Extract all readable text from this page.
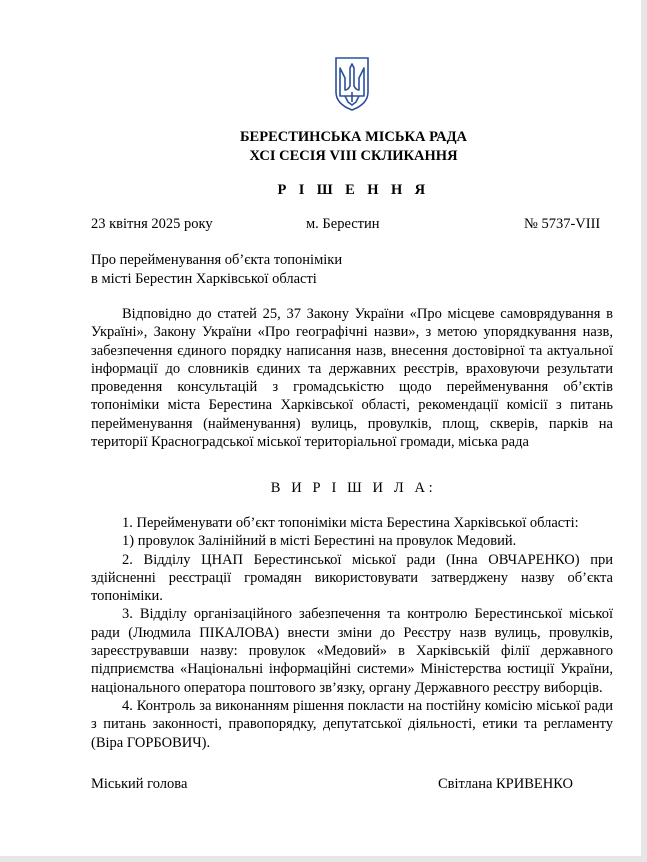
БЕРЕСТИНСЬКА МІСЬКА РАДА
ХСІ СЕСІЯ VIII СКЛИКАННЯ
Р І Ш Е Н Н Я
23 квітня 2025 року	м. Берестин	№ 5737-VIII
Про перейменування об’єкта топоніміки
в місті Берестин Харківської області

Відповідно до статей 25, 37 Закону України «Про місцеве самоврядування в Україні», Закону України «Про географічні назви», з метою упорядкування назв, забезпечення єдиного порядку написання назв, внесення достовірної та актуальної інформації до словників єдиних та державних реєстрів, враховуючи результати проведення консультацій з громадськістю щодо перейменування об’єктів топоніміки міста Берестина Харківської області, рекомендації комісії з питань перейменування (найменування) вулиць, провулків, площ, скверів, парків на території Красноградської міської територіальної громади, міська рада

В И Р І Ш И Л А:

1. Перейменувати об’єкт топоніміки міста Берестина Харківської області:

1) провулок Залінійний в місті Берестині на провулок Медовий.

2. Відділу ЦНАП Берестинської міської ради (Інна ОВЧАРЕНКО) при здійсненні реєстрації громадян використовувати затверджену назву об’єкта топоніміки.

3. Відділу організаційного забезпечення та контролю Берестинської міської ради (Людмила ПІКАЛОВА) внести зміни до Реєстру назв вулиць, провулків, зареєструвавши назву: провулок «Медовий» в Харківській філії державного підприємства «Національні інформаційні системи» Міністерства юстиції України, національного оператора поштового зв’язку, органу Державного реєстру виборців.

4. Контроль за виконанням рішення покласти на постійну комісію міської ради з питань законності, правопорядку, депутатської діяльності, етики та регламенту (Віра ГОРБОВИЧ).

Міський голова	Світлана КРИВЕНКО
